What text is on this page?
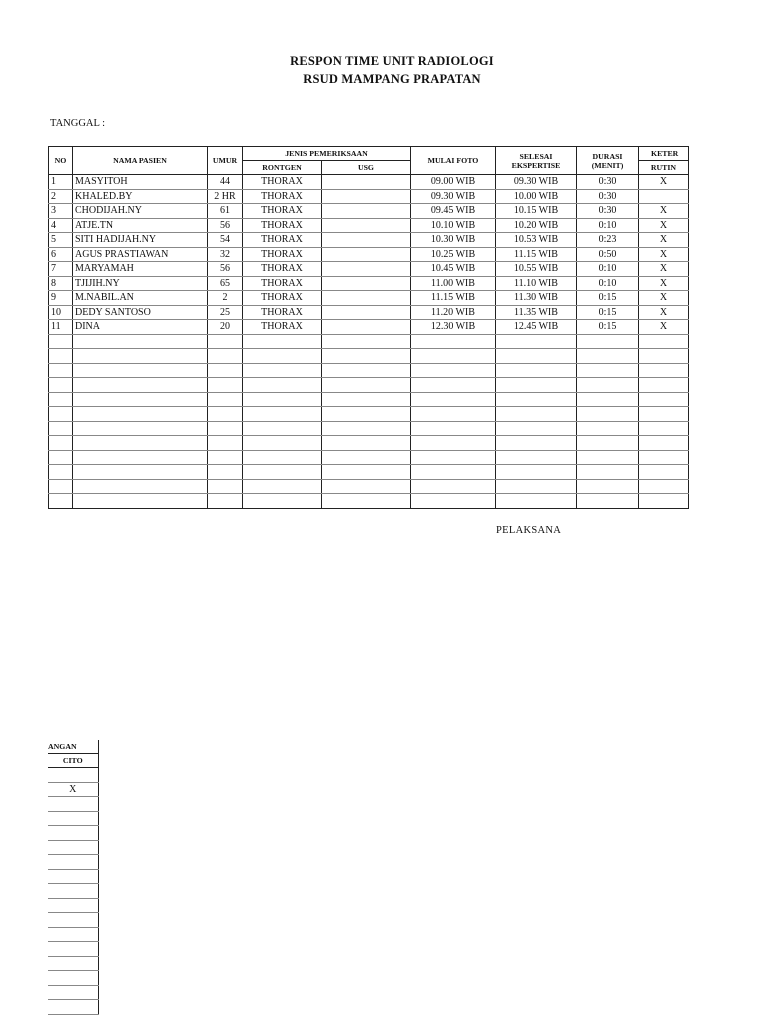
RESPON TIME UNIT RADIOLOGI
RSUD MAMPANG PRAPATAN
TANGGAL :
NO	NAMA PASIEN	UMUR	JENIS PEMERIKSAAN		MULAI FOTO	SELESAI EKSPERTISE	DURASI (MENIT)	KETER
			RONTGEN	USG				RUTIN
1	MASYITOH	44	THORAX		09.00 WIB	09.30 WIB	0:30	X
2	KHALED.BY	2 HR	THORAX		09.30 WIB	10.00 WIB	0:30	
3	CHODIJAH.NY	61	THORAX		09.45 WIB	10.15 WIB	0:30	X
4	ATJE.TN	56	THORAX		10.10 WIB	10.20 WIB	0:10	X
5	SITI HADIJAH.NY	54	THORAX		10.30 WIB	10.53 WIB	0:23	X
6	AGUS PRASTIAWAN	32	THORAX		10.25 WIB	11.15 WIB	0:50	X
7	MARYAMAH	56	THORAX		10.45 WIB	10.55 WIB	0:10	X
8	TJIJIH.NY	65	THORAX		11.00 WIB	11.10 WIB	0:10	X
9	M.NABIL.AN	2	THORAX		11.15 WIB	11.30 WIB	0:15	X
10	DEDY SANTOSO	25	THORAX		11.20 WIB	11.35 WIB	0:15	X
11	DINA	20	THORAX		12.30 WIB	12.45 WIB	0:15	X

PELAKSANA
ANGAN
CITO

X
